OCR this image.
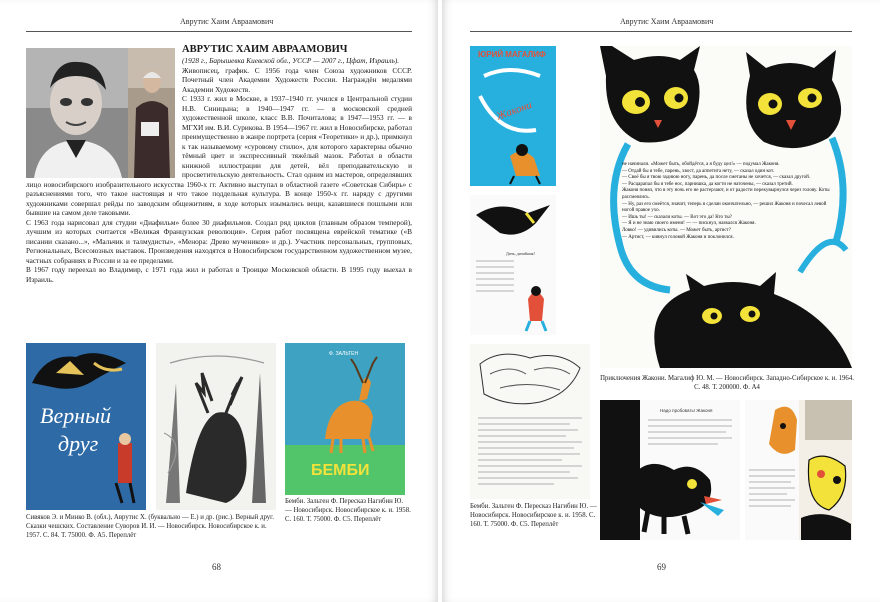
Аврутис Хаим Авраамович
АВРУТИС ХАИМ АВРААМОВИЧ
(1928 г., Барышевка Киевской обл., УССР — 2007 г., Цфат, Израиль).

Живописец, график. С 1956 года член Союза художников СССР. Почетный член Академии Художеств России. Награждён медалями Академии Художеств.

С 1933 г. жил в Москве, в 1937–1940 гг. учился в Центральной студии Н.В. Синицына; в 1940—1947 гг. — в московской средней художественной школе, класс В.В. Почиталова; в 1947—1953 гг. — в МГХИ им. В.И. Сурикова. В 1954—1967 гг. жил в Новосибирске, работал преимущественно в жанре портрета (серия «Теоретики» и др.), примкнул к так называемому «суровому стилю», для которого характерны обычно тёмный цвет и экспрессивный тяжёлый мазок. Работал в области книжной иллюстрации для детей, вёл преподавательскую и просветительскую деятельность. Стал одним из мастеров, определявших лицо новосибирского изобразительного искусства 1960-х гг. Активно выступал в областной газете «Советская Сибирь» с разъяснениями того, что такое настоящая и что такое поддельная культура. В конце 1950-х гг. наряду с другими художниками совершал рейды по заводским общежитиям, в ходе которых изымались вещи, казавшиеся пошлыми или бывшие на самом деле таковыми.

С 1963 года нарисовал для студии «Диафильм» более 30 диафильмов. Создал ряд циклов (главным образом темперой), лучшим из которых считается «Великая Французская революция». Серия работ посвящена еврейской тематике («В писании сказано...», «Мальчик и талмудисты», «Менора: Древо мучеников» и др.). Участник персональных, групповых, Региональных, Всесоюзных выставок. Произведения находятся в Новосибирском государственном художественном музее, частных собраниях в России и за ее пределами.

В 1967 году переехал во Владимир, с 1971 года жил и работал в Троицке Московской области. В 1995 году выехал в Израиль.

Верный
друг
Ф. ЗАЛЬТЕН
БЕМБИ
Сивяков Э. и Минко В. (обл.), Аврутис Х. (буквально — Е.) и др. (рис.). Верный друг. Сказки чешских. Составление Суворов И. И. — Новосибирск. Новосибирское к. и. 1957. С. 84. Т. 75000. Ф. А5. Переплёт
Бемби. Зальтен Ф. Пересказ Нагибин Ю. — Новосибирск. Новосибирское к. и. 1958. С. 160. Т. 75000. Ф. С5. Переплёт
68
Аврутис Хаим Авраамович
ЮРИЙ МАГАЛИФ
Жакони
Дичь, дичайшая!
не начинали. «Может быть, обойдётся, а я буду цел!» — подумал Жаконя.
— Отдай бы я тебе, парень, хвост, да аппетита нету, — сказал один кот.
— Своё бы я твою заднюю ногу, парень, да после сметаны не хочется, — сказал другой.
— Расцарапал бы я тебе нос, парнишка, да когти не наточены, — сказал третий.
Жаконя понял, что в эту ночь его не растерзают, и от радости перекувырнулся через голову. Коты рассмеялись.
— Ну, раз его смеётся, значит, теперь я сделан окончательно, — решил Жаконя и почесал левой ногой правое ухо.
— Ишь ты! — сказали коты. — Вот это да! Кто ты?
— Я и не знаю своего имени! — — пискнул, назвался Жаконя.
Ловко! — удивились коты. — Может быть, артист?
— Артист, — кивнул головой Жаконя и поклонился.
Приключения Жакони. Магалиф Ю. М. — Новосибирск. Западно-Сибирское к. и. 1964. С. 48. Т. 200000. Ф. А4
Бемби. Зальтен Ф. Пересказ Нагибин Ю. — Новосибирск. Новосибирское к. и. 1958. С. 160. Т. 75000. Ф. С5. Переплёт
Надо пробовать! Жаконя
69
